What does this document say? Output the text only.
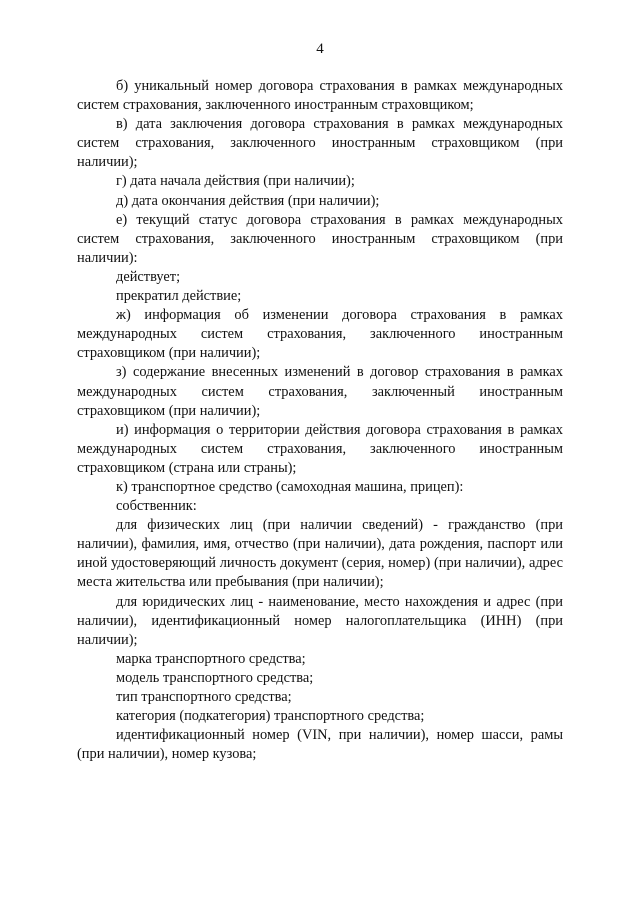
4

б) уникальный номер договора страхования в рамках международных систем страхования, заключенного иностранным страховщиком;

в) дата заключения договора страхования в рамках международных систем страхования, заключенного иностранным страховщиком (при наличии);

г) дата начала действия (при наличии);

д) дата окончания действия (при наличии);

е) текущий статус договора страхования в рамках международных систем страхования, заключенного иностранным страховщиком (при наличии):

действует;

прекратил действие;

ж) информация об изменении договора страхования в рамках международных систем страхования, заключенного иностранным страховщиком (при наличии);

з) содержание внесенных изменений в договор страхования в рамках международных систем страхования, заключенный иностранным страховщиком (при наличии);

и) информация о территории действия договора страхования в рамках международных систем страхования, заключенного иностранным страховщиком (страна или страны);

к) транспортное средство (самоходная машина, прицеп):

собственник:

для физических лиц (при наличии сведений) - гражданство (при наличии), фамилия, имя, отчество (при наличии), дата рождения, паспорт или иной удостоверяющий личность документ (серия, номер) (при наличии), адрес места жительства или пребывания (при наличии);

для юридических лиц - наименование, место нахождения и адрес (при наличии), идентификационный номер налогоплательщика (ИНН) (при наличии);

марка транспортного средства;

модель транспортного средства;

тип транспортного средства;

категория (подкатегория) транспортного средства;

идентификационный номер (VIN, при наличии), номер шасси, рамы (при наличии), номер кузова;
